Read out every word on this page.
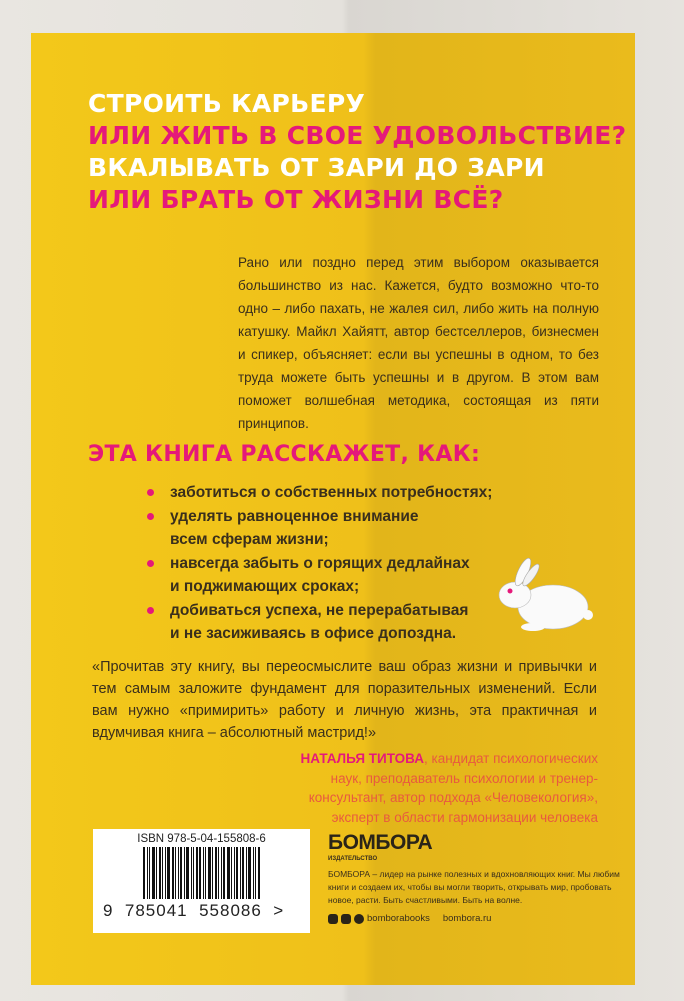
СТРОИТЬ КАРЬЕРУ
ИЛИ ЖИТЬ В СВОЕ УДОВОЛЬСТВИЕ?
ВКАЛЫВАТЬ ОТ ЗАРИ ДО ЗАРИ
ИЛИ БРАТЬ ОТ ЖИЗНИ ВСЁ?

Рано или поздно перед этим выбором оказывается большинство из нас. Кажется, будто возможно что-то одно – либо пахать, не жалея сил, либо жить на полную катушку. Майкл Хайятт, автор бестселлеров, бизнесмен и спикер, объясняет: если вы успешны в одном, то без труда можете быть успешны и в другом. В этом вам поможет волшебная методика, состоящая из пяти принципов.

ЭТА КНИГА РАССКАЖЕТ, КАК:
заботиться о собственных потребностях;
уделять равноценное внимание всем сферам жизни;
навсегда забыть о горящих дедлайнах и поджимающих сроках;
добиваться успеха, не перерабатывая и не засиживаясь в офисе допоздна.

«Прочитав эту книгу, вы переосмыслите ваш образ жизни и привычки и тем самым заложите фундамент для поразительных изменений. Если вам нужно «примирить» работу и личную жизнь, эта практичная и вдумчивая книга – абсолютный мастрид!»

НАТАЛЬЯ ТИТОВА, кандидат психологических наук, преподаватель психологии и тренер-консультант, автор подхода «Человекология», эксперт в области гармонизации человека
ISBN 978-5-04-155808-6
9  785041  558086  >
БОМБОРА
ИЗДАТЕЛЬСТВО
БОМБОРА – лидер на рынке полезных и вдохновляющих книг. Мы любим книги и создаем их, чтобы вы могли творить, открывать мир, пробовать новое, расти. Быть счастливыми. Быть на волне.
bomborabooks bombora.ru
